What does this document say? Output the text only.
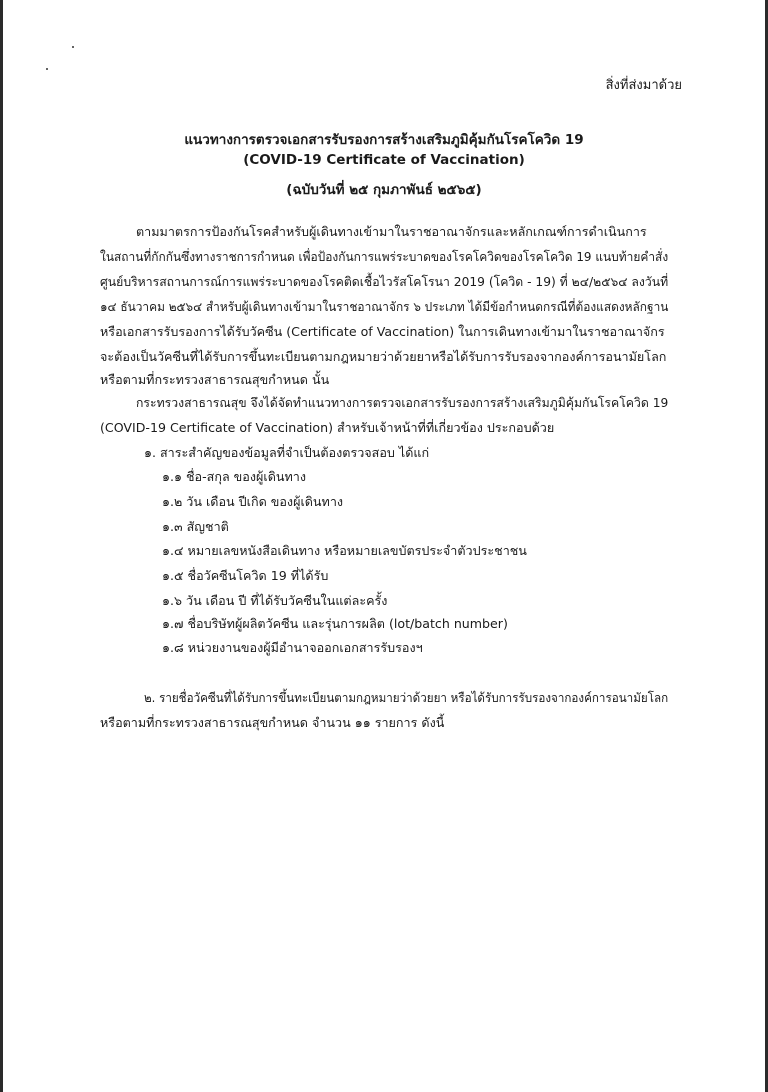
สิ่งที่ส่งมาด้วย
แนวทางการตรวจเอกสารรับรองการสร้างเสริมภูมิคุ้มกันโรคโควิด 19
(COVID-19 Certificate of Vaccination)
(ฉบับวันที่ ๒๕ กุมภาพันธ์ ๒๕๖๕)
ตามมาตรการป้องกันโรคสำหรับผู้เดินทางเข้ามาในราชอาณาจักรและหลักเกณฑ์การดำเนินการ
ในสถานที่กักกันซึ่งทางราชการกำหนด เพื่อป้องกันการแพร่ระบาดของโรคโควิดของโรคโควิด 19 แนบท้ายคำสั่ง
ศูนย์บริหารสถานการณ์การแพร่ระบาดของโรคติดเชื้อไวรัสโคโรนา 2019 (โควิด - 19) ที่ ๒๔/๒๕๖๔ ลงวันที่
๑๔ ธันวาคม ๒๕๖๔ สำหรับผู้เดินทางเข้ามาในราชอาณาจักร ๖ ประเภท ได้มีข้อกำหนดกรณีที่ต้องแสดงหลักฐาน
หรือเอกสารรับรองการได้รับวัคซีน (Certificate of Vaccination) ในการเดินทางเข้ามาในราชอาณาจักร
จะต้องเป็นวัคซีนที่ได้รับการขึ้นทะเบียนตามกฎหมายว่าด้วยยาหรือได้รับการรับรองจากองค์การอนามัยโลก
หรือตามที่กระทรวงสาธารณสุขกำหนด นั้น
กระทรวงสาธารณสุข จึงได้จัดทำแนวทางการตรวจเอกสารรับรองการสร้างเสริมภูมิคุ้มกันโรคโควิด 19
(COVID-19 Certificate of Vaccination) สำหรับเจ้าหน้าที่ที่เกี่ยวข้อง ประกอบด้วย
๑. สาระสำคัญของข้อมูลที่จำเป็นต้องตรวจสอบ ได้แก่
๑.๑ ชื่อ-สกุล ของผู้เดินทาง
๑.๒ วัน เดือน ปีเกิด ของผู้เดินทาง
๑.๓ สัญชาติ
๑.๔ หมายเลขหนังสือเดินทาง หรือหมายเลขบัตรประจำตัวประชาชน
๑.๕ ชื่อวัคซีนโควิด 19 ที่ได้รับ
๑.๖ วัน เดือน ปี ที่ได้รับวัคซีนในแต่ละครั้ง
๑.๗ ชื่อบริษัทผู้ผลิตวัคซีน และรุ่นการผลิต (lot/batch number)
๑.๘ หน่วยงานของผู้มีอำนาจออกเอกสารรับรองฯ
๒. รายชื่อวัคซีนที่ได้รับการขึ้นทะเบียนตามกฎหมายว่าด้วยยา หรือได้รับการรับรองจากองค์การอนามัยโลก
หรือตามที่กระทรวงสาธารณสุขกำหนด จำนวน ๑๑ รายการ ดังนี้
